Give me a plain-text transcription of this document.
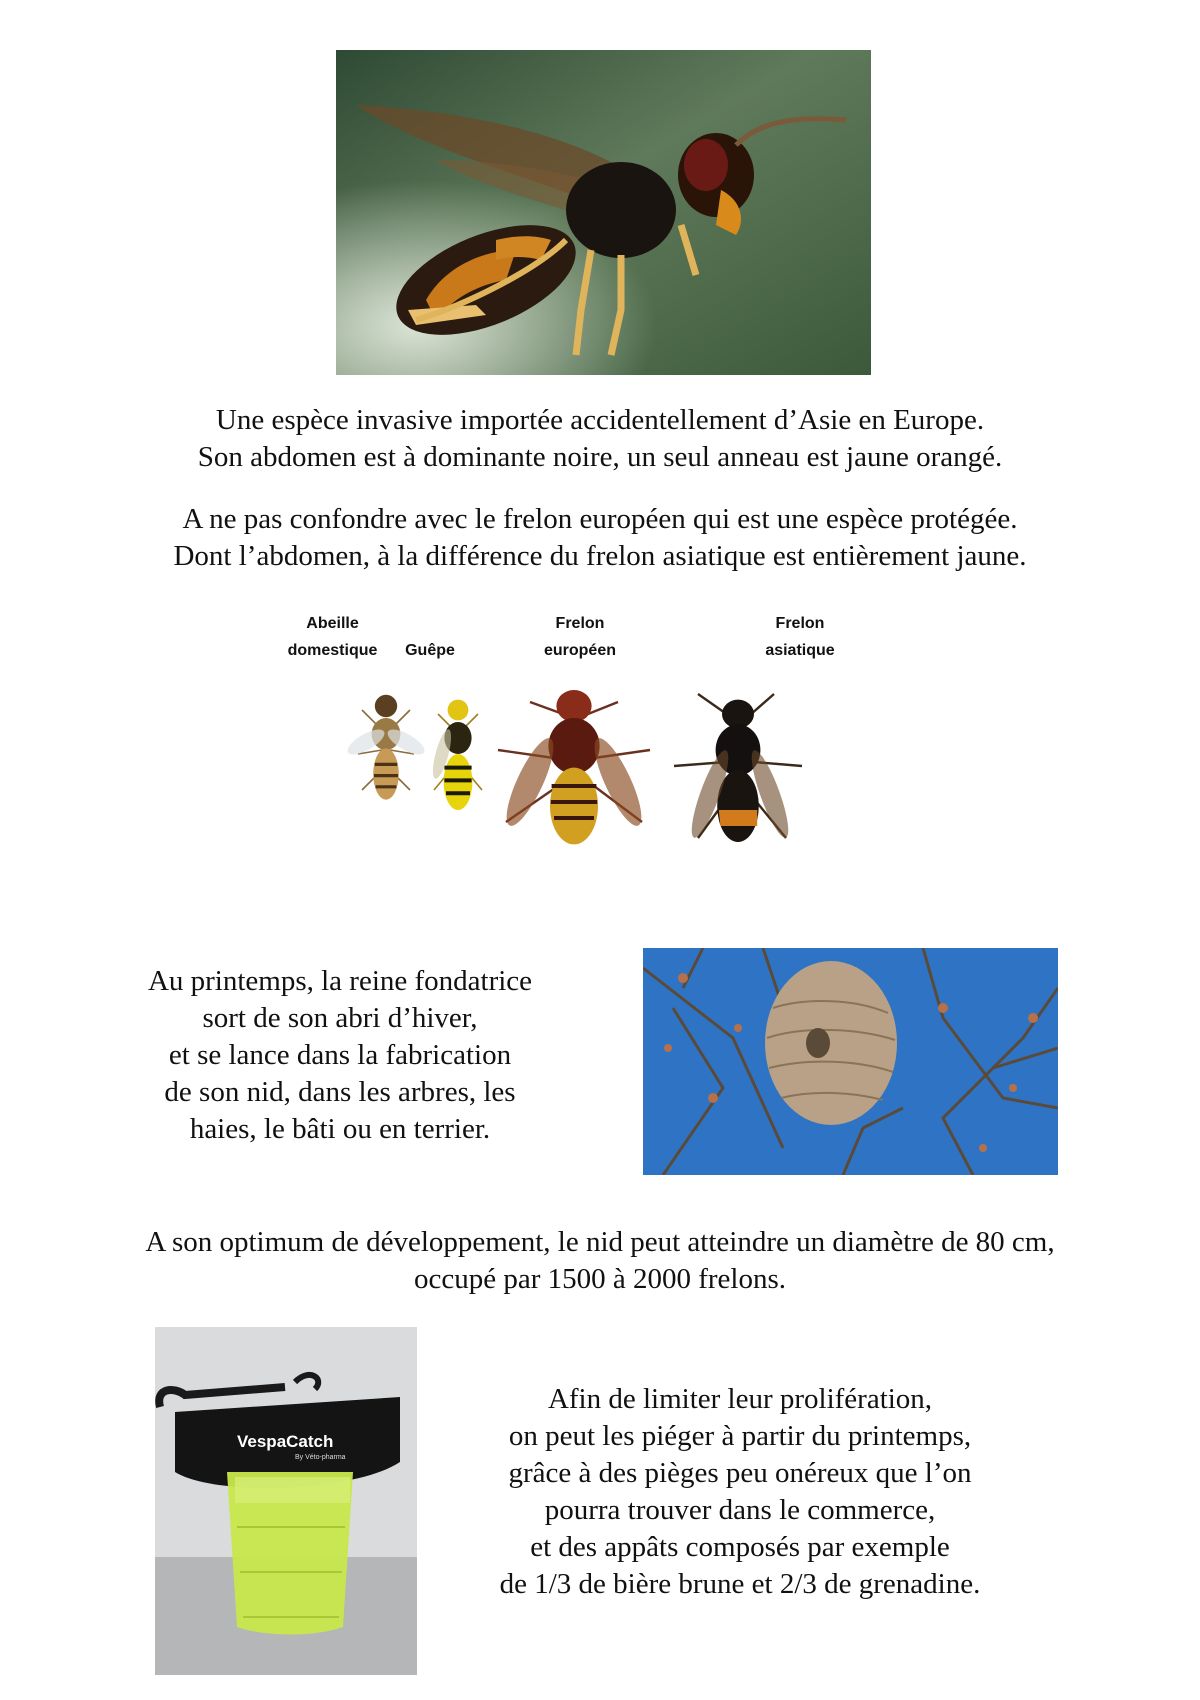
Une espèce invasive importée accidentellement d’Asie en Europe.
Son abdomen est à dominante noire, un seul anneau est jaune orangé.
A ne pas confondre avec le frelon européen qui est une espèce protégée.
Dont l’abdomen, à la différence du frelon asiatique est entièrement jaune.
Abeille
domestique	Guêpe
Frelon
européen
Frelon
asiatique
Au printemps, la reine fondatrice
sort de son abri d’hiver,
et se lance dans la fabrication
de son nid, dans les arbres, les
haies, le bâti ou en terrier.
A son optimum de développement, le nid peut atteindre un diamètre de 80 cm,
occupé par 1500 à 2000 frelons.
VespaCatch
By Véto-pharma
Afin de limiter leur prolifération,
on peut les piéger à partir du printemps,
grâce à des pièges peu onéreux que l’on
pourra trouver dans le commerce,
et des appâts composés par exemple
de 1/3 de bière brune et 2/3 de grenadine.
